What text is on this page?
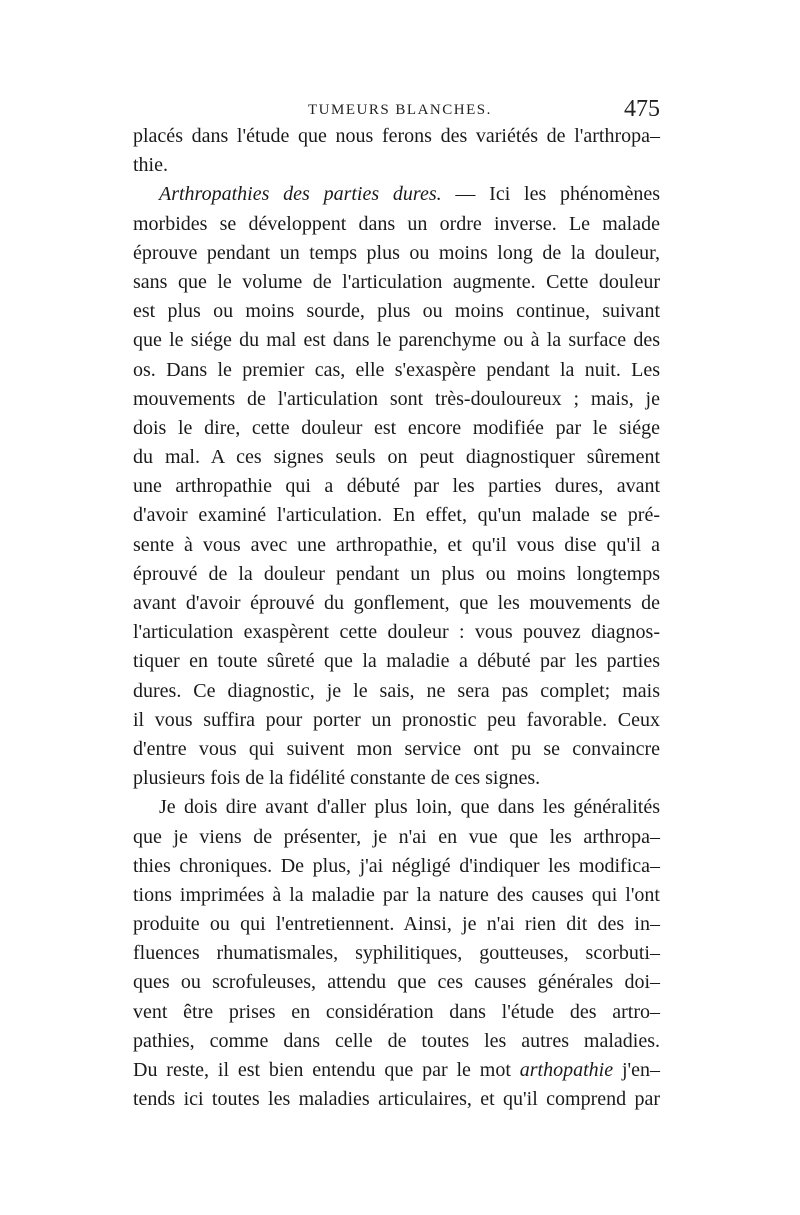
TUMEURS BLANCHES.	475
placés dans l'étude que nous ferons des variétés de l'arthropa–
thie.
Arthropathies des parties dures. — Ici les phénomènes
morbides se développent dans un ordre inverse. Le malade
éprouve pendant un temps plus ou moins long de la douleur,
sans que le volume de l'articulation augmente. Cette douleur
est plus ou moins sourde, plus ou moins continue, suivant
que le siége du mal est dans le parenchyme ou à la surface des
os. Dans le premier cas, elle s'exaspère pendant la nuit. Les
mouvements de l'articulation sont très-douloureux ; mais, je
dois le dire, cette douleur est encore modifiée par le siége
du mal. A ces signes seuls on peut diagnostiquer sûrement
une arthropathie qui a débuté par les parties dures, avant
d'avoir examiné l'articulation. En effet, qu'un malade se pré-
sente à vous avec une arthropathie, et qu'il vous dise qu'il a
éprouvé de la douleur pendant un plus ou moins longtemps
avant d'avoir éprouvé du gonflement, que les mouvements de
l'articulation exaspèrent cette douleur : vous pouvez diagnos-
tiquer en toute sûreté que la maladie a débuté par les parties
dures. Ce diagnostic, je le sais, ne sera pas complet; mais
il vous suffira pour porter un pronostic peu favorable. Ceux
d'entre vous qui suivent mon service ont pu se convaincre
plusieurs fois de la fidélité constante de ces signes.
Je dois dire avant d'aller plus loin, que dans les généralités
que je viens de présenter, je n'ai en vue que les arthropa–
thies chroniques. De plus, j'ai négligé d'indiquer les modifica–
tions imprimées à la maladie par la nature des causes qui l'ont
produite ou qui l'entretiennent. Ainsi, je n'ai rien dit des in–
fluences rhumatismales, syphilitiques, goutteuses, scorbuti–
ques ou scrofuleuses, attendu que ces causes générales doi–
vent être prises en considération dans l'étude des artro–
pathies, comme dans celle de toutes les autres maladies.
Du reste, il est bien entendu que par le mot arthopathie j'en–
tends ici toutes les maladies articulaires, et qu'il comprend par
